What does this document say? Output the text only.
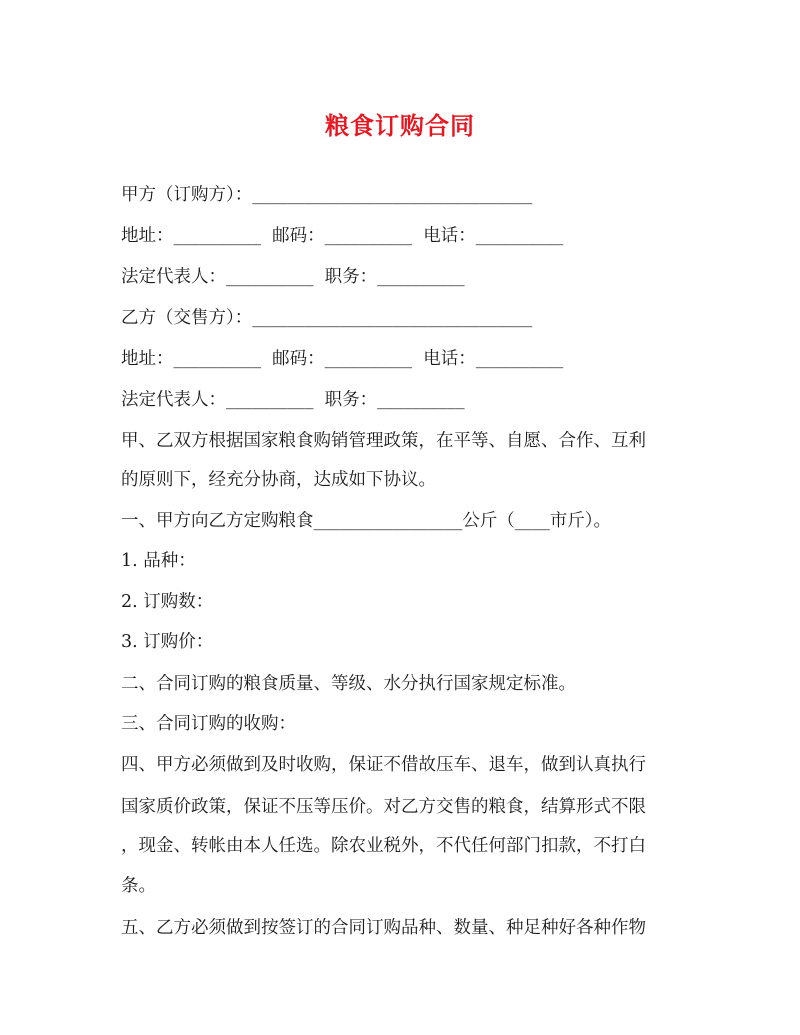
粮食订购合同
甲方（订购方）：________________________________
地址：__________  邮码：__________  电话：__________
法定代表人：__________  职务：__________
乙方（交售方）：________________________________
地址：__________  邮码：__________  电话：__________
法定代表人：__________  职务：__________
甲、乙双方根据国家粮食购销管理政策，在平等、自愿、合作、互利
的原则下，经充分协商，达成如下协议。
一、甲方向乙方定购粮食_________________公斤（____市斤）。
1. 品种：
2. 订购数：
3. 订购价：
二、合同订购的粮食质量、等级、水分执行国家规定标准。
三、合同订购的收购：
四、甲方必须做到及时收购，保证不借故压车、退车，做到认真执行
国家质价政策，保证不压等压价。对乙方交售的粮食，结算形式不限
，现金、转帐由本人任选。除农业税外，不代任何部门扣款，不打白
条。
五、乙方必须做到按签订的合同订购品种、数量、种足种好各种作物
